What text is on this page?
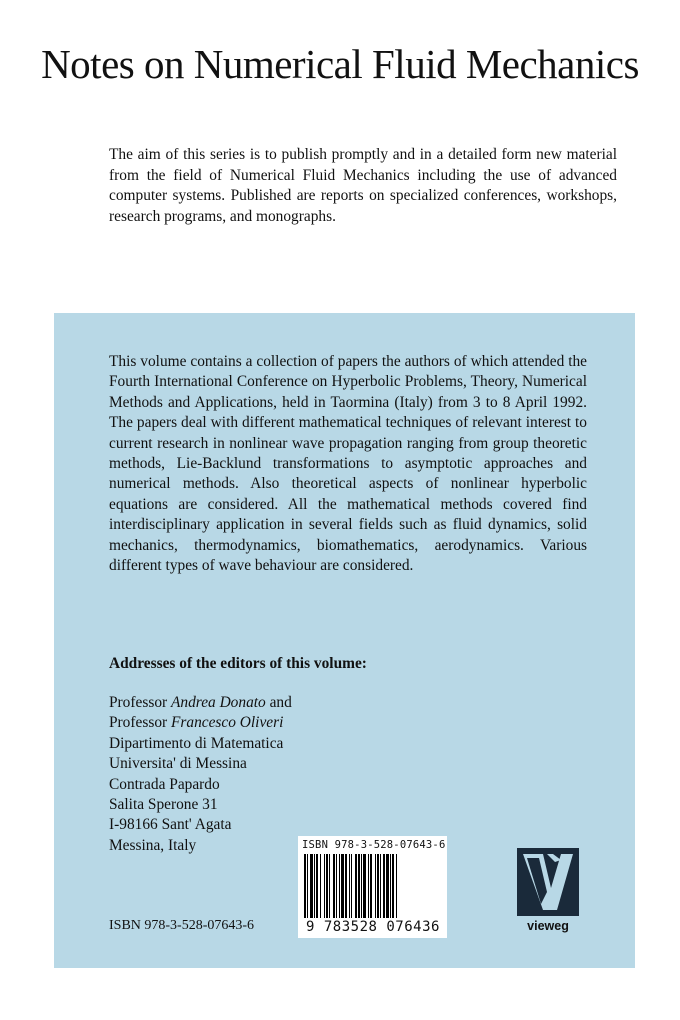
Notes on Numerical Fluid Mechanics

The aim of this series is to publish promptly and in a detailed form new material from the field of Numerical Fluid Mechanics including the use of advanced computer systems. Published are reports on specialized conferences, workshops, research programs, and monographs.

This volume contains a collection of papers the authors of which attended the Fourth International Conference on Hyperbolic Problems, Theory, Numerical Methods and Applications, held in Taormina (Italy) from 3 to 8 April 1992. The papers deal with different mathematical techniques of relevant interest to current research in nonlinear wave propagation ranging from group theoretic methods, Lie-Backlund transformations to asymptotic approaches and numerical methods. Also theoretical aspects of nonlinear hyperbolic equations are considered. All the mathematical methods covered find interdisciplinary application in several fields such as fluid dynamics, solid mechanics, thermodynamics, biomathematics, aerodynamics. Various different types of wave behaviour are considered.

Addresses of the editors of this volume:

Professor Andrea Donato and
Professor Francesco Oliveri
Dipartimento di Matematica
Universita' di Messina
Contrada Papardo
Salita Sperone 31
I-98166 Sant' Agata
Messina, Italy
ISBN 978-3-528-07643-6
ISBN 978-3-528-07643-6
9 783528 076436	vieweg
